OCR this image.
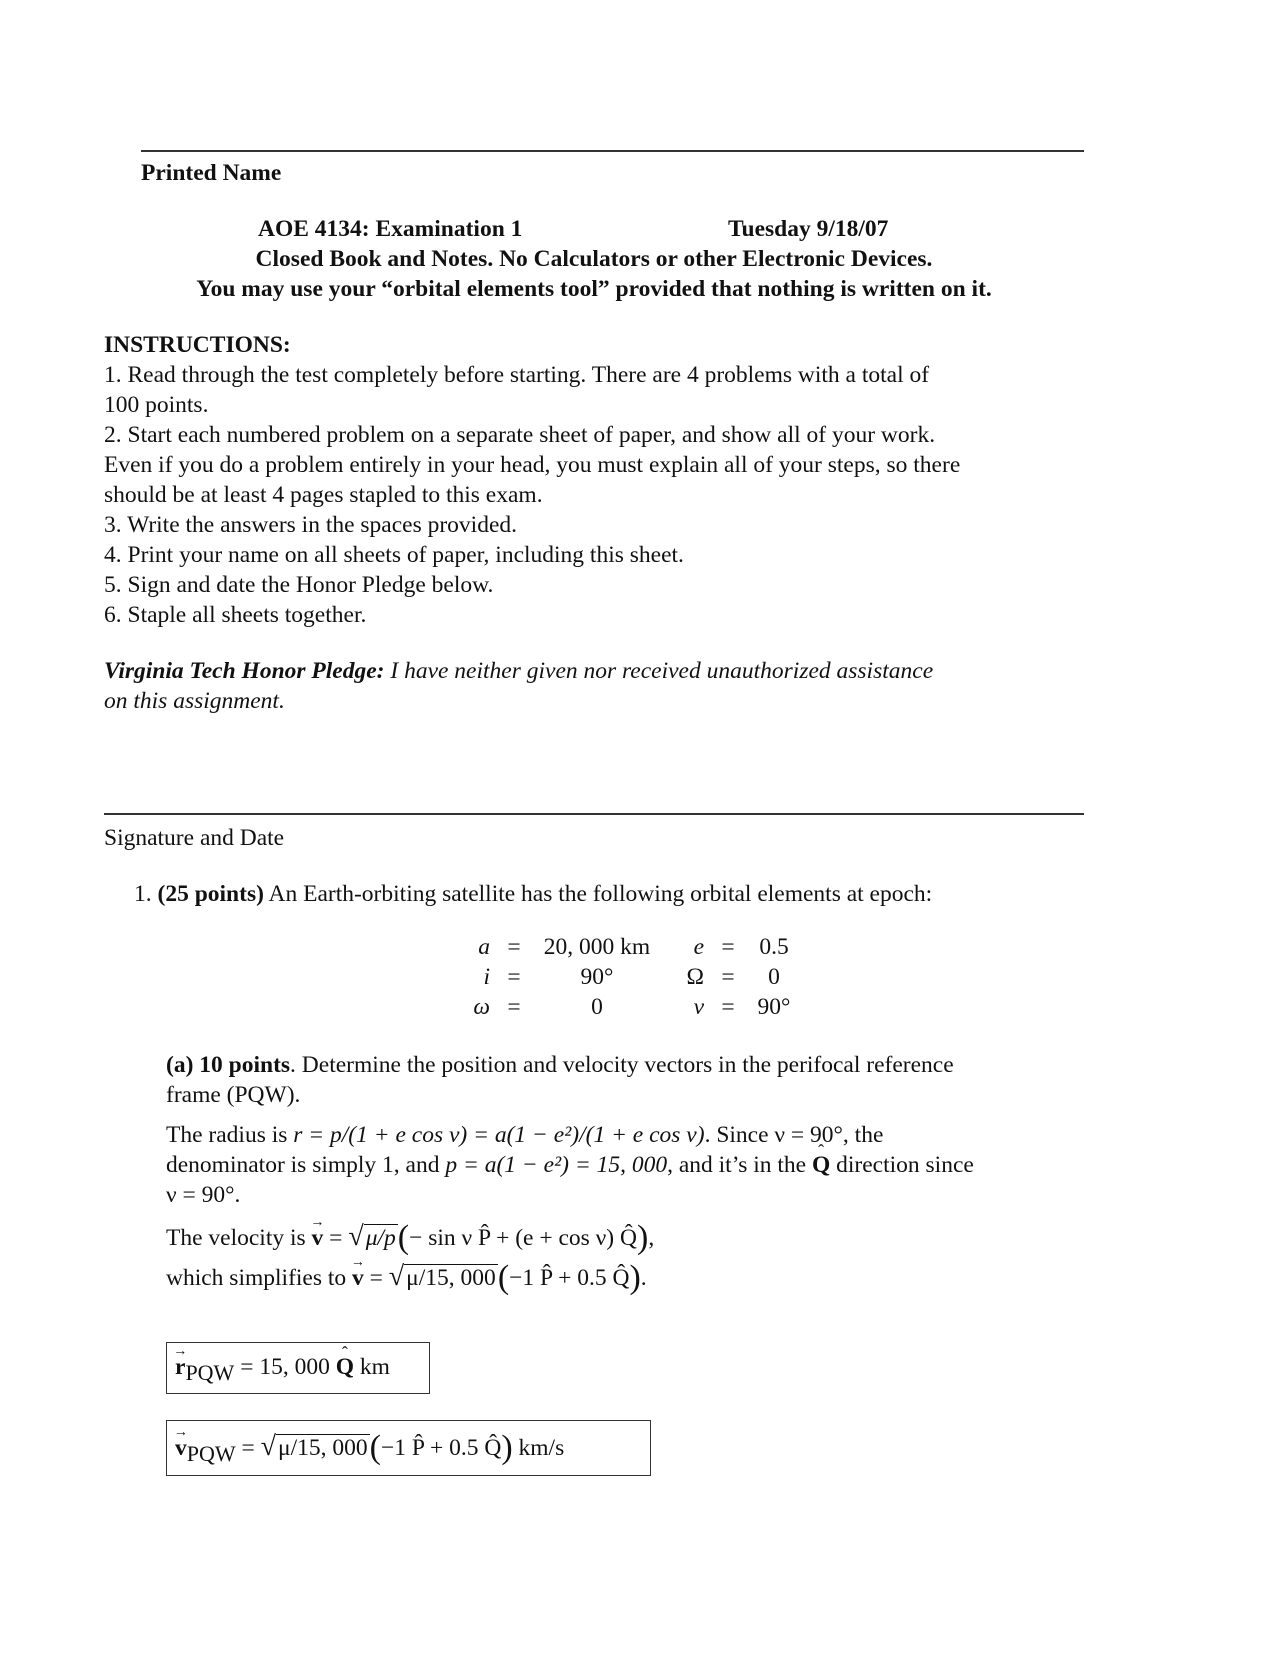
Printed Name
AOE 4134: Examination 1	Tuesday 9/18/07
Closed Book and Notes. No Calculators or other Electronic Devices.
You may use your “orbital elements tool” provided that nothing is written on it.
INSTRUCTIONS:
1. Read through the test completely before starting. There are 4 problems with a total of
100 points.
2. Start each numbered problem on a separate sheet of paper, and show all of your work.
Even if you do a problem entirely in your head, you must explain all of your steps, so there
should be at least 4 pages stapled to this exam.
3. Write the answers in the spaces provided.
4. Print your name on all sheets of paper, including this sheet.
5. Sign and date the Honor Pledge below.
6. Staple all sheets together.
Virginia Tech Honor Pledge: I have neither given nor received unauthorized assistance
on this assignment.
Signature and Date
1. (25 points) An Earth-orbiting satellite has the following orbital elements at epoch:
a	=	20, 000 km	e	=	0.5
i	=	90°	Ω	=	0
ω	=	0	ν	=	90°
(a) 10 points. Determine the position and velocity vectors in the perifocal reference
frame (PQW).
The radius is r = p/(1 + e cos ν) = a(1 − e²)/(1 + e cos ν). Since ν = 90°, the
denominator is simply 1, and p = a(1 − e²) = 15, 000, and it’s in the ˆ Q direction since
ν = 90°.
The velocity is → v = √μ/p(− sin ν P̂ + (e + cos ν) Q̂),
which simplifies to → v = √μ/15, 000(−1 P̂ + 0.5 Q̂).
→ rPQW = 15, 000 ˆ Q km
→ vPQW = √μ/15, 000(−1 P̂ + 0.5 Q̂) km/s
